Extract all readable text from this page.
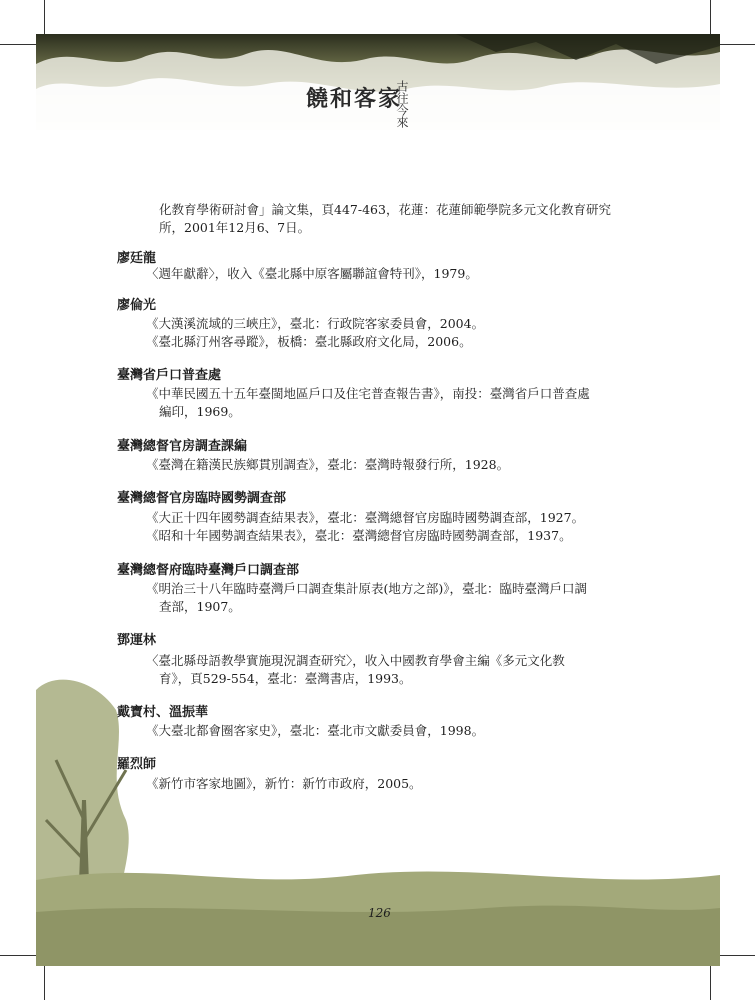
饒和客家
古往今來
化教育學術研討會」論文集，頁447-463，花蓮：花蓮師範學院多元文化教育研究
所，2001年12月6、7日。
廖廷龍
〈週年獻辭〉，收入《臺北縣中原客屬聯誼會特刊》，1979。
廖倫光
《大漢溪流域的三峽庄》，臺北：行政院客家委員會，2004。
《臺北縣汀州客尋蹤》，板橋：臺北縣政府文化局，2006。
臺灣省戶口普查處
《中華民國五十五年臺閩地區戶口及住宅普查報告書》，南投：臺灣省戶口普查處
編印，1969。
臺灣總督官房調查課編
《臺灣在籍漢民族鄉貫別調查》，臺北：臺灣時報發行所，1928。
臺灣總督官房臨時國勢調查部
《大正十四年國勢調查結果表》，臺北：臺灣總督官房臨時國勢調查部，1927。
《昭和十年國勢調查結果表》，臺北：臺灣總督官房臨時國勢調查部，1937。
臺灣總督府臨時臺灣戶口調查部
《明治三十八年臨時臺灣戶口調查集計原表(地方之部)》，臺北：臨時臺灣戶口調
查部，1907。
鄧運林
〈臺北縣母語教學實施現況調查研究〉，收入中國教育學會主編《多元文化教
育》，頁529-554，臺北：臺灣書店，1993。
戴寶村、溫振華
《大臺北都會圈客家史》，臺北：臺北市文獻委員會，1998。
羅烈師
《新竹市客家地圖》，新竹：新竹市政府，2005。
126
